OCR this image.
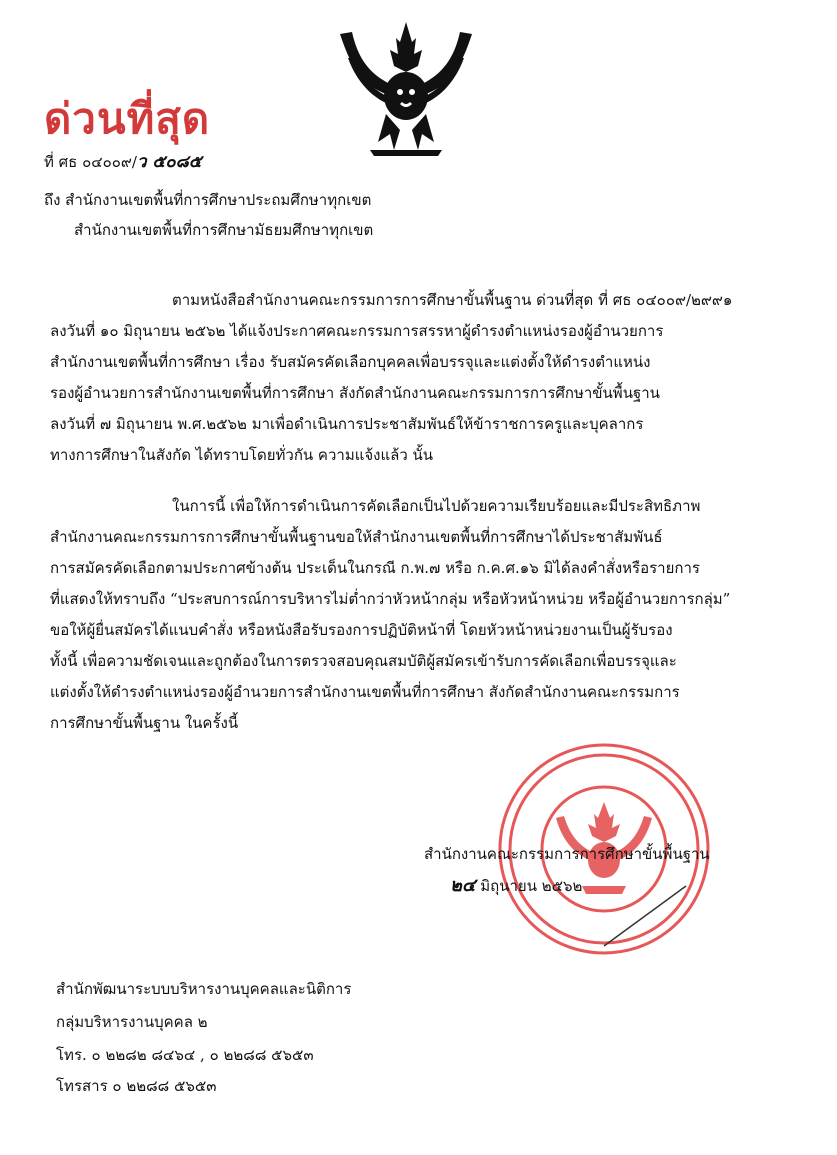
ด่วนที่สุด
ที่ ศธ ๐๔๐๐๙/ว ๕๐๘๕
ถึง สำนักงานเขตพื้นที่การศึกษาประถมศึกษาทุกเขต
สำนักงานเขตพื้นที่การศึกษามัธยมศึกษาทุกเขต
ตามหนังสือสำนักงานคณะกรรมการการศึกษาขั้นพื้นฐาน ด่วนที่สุด ที่ ศธ ๐๔๐๐๙/๒๙๙๑
ลงวันที่ ๑๐ มิถุนายน ๒๕๖๒ ได้แจ้งประกาศคณะกรรมการสรรหาผู้ดำรงตำแหน่งรองผู้อำนวยการ
สำนักงานเขตพื้นที่การศึกษา เรื่อง รับสมัครคัดเลือกบุคคลเพื่อบรรจุและแต่งตั้งให้ดำรงตำแหน่ง
รองผู้อำนวยการสำนักงานเขตพื้นที่การศึกษา สังกัดสำนักงานคณะกรรมการการศึกษาขั้นพื้นฐาน
ลงวันที่ ๗ มิถุนายน พ.ศ.๒๕๖๒ มาเพื่อดำเนินการประชาสัมพันธ์ให้ข้าราชการครูและบุคลากร
ทางการศึกษาในสังกัด ได้ทราบโดยทั่วกัน ความแจ้งแล้ว นั้น
ในการนี้ เพื่อให้การดำเนินการคัดเลือกเป็นไปด้วยความเรียบร้อยและมีประสิทธิภาพ
สำนักงานคณะกรรมการการศึกษาขั้นพื้นฐานขอให้สำนักงานเขตพื้นที่การศึกษาได้ประชาสัมพันธ์
การสมัครคัดเลือกตามประกาศข้างต้น ประเด็นในกรณี ก.พ.๗ หรือ ก.ค.ศ.๑๖ มิได้ลงคำสั่งหรือรายการ
ที่แสดงให้ทราบถึง “ประสบการณ์การบริหารไม่ต่ำกว่าหัวหน้ากลุ่ม หรือหัวหน้าหน่วย หรือผู้อำนวยการกลุ่ม”
ขอให้ผู้ยื่นสมัครได้แนบคำสั่ง หรือหนังสือรับรองการปฏิบัติหน้าที่ โดยหัวหน้าหน่วยงานเป็นผู้รับรอง
ทั้งนี้ เพื่อความชัดเจนและถูกต้องในการตรวจสอบคุณสมบัติผู้สมัครเข้ารับการคัดเลือกเพื่อบรรจุและ
แต่งตั้งให้ดำรงตำแหน่งรองผู้อำนวยการสำนักงานเขตพื้นที่การศึกษา สังกัดสำนักงานคณะกรรมการ
การศึกษาขั้นพื้นฐาน ในครั้งนี้
สำนักงานคณะกรรมการการศึกษาขั้นพื้นฐาน
๒๔ มิถุนายน ๒๕๖๒
สำนักพัฒนาระบบบริหารงานบุคคลและนิติการ
กลุ่มบริหารงานบุคคล ๒
โทร. ๐ ๒๒๘๒ ๘๔๖๔ , ๐ ๒๒๘๘ ๕๖๕๓
โทรสาร ๐ ๒๒๘๘ ๕๖๕๓
